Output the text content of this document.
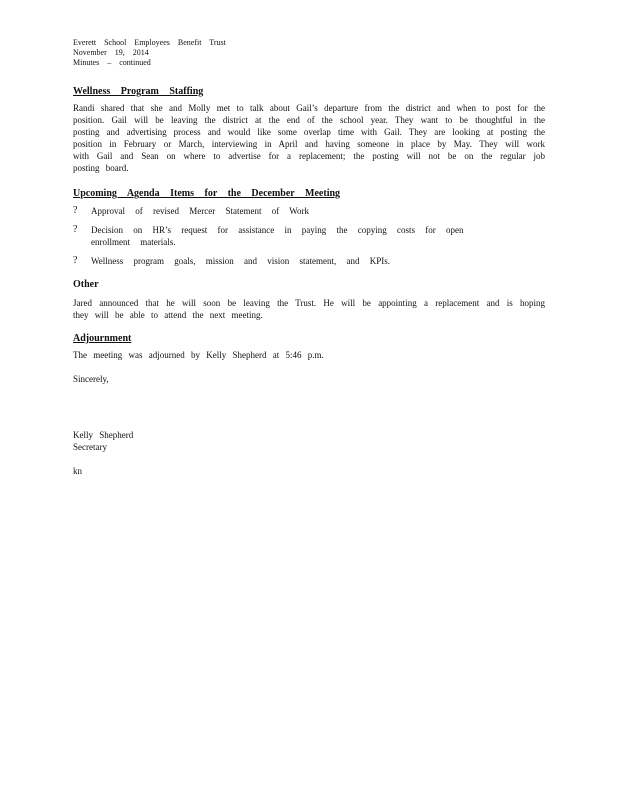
Everett School Employees Benefit Trust
November 19, 2014
Minutes – continued
Wellness Program Staffing

Randi shared that she and Molly met to talk about Gail’s departure from the district and when to post for the position. Gail will be leaving the district at the end of the school year. They want to be thoughtful in the posting and advertising process and would like some overlap time with Gail. They are looking at posting the position in February or March, interviewing in April and having someone in place by May. They will work with Gail and Sean on where to advertise for a replacement; the posting will not be on the regular job posting board.

Upcoming Agenda Items for the December Meeting
? Approval of revised Mercer Statement of Work
? Decision on HR’s request for assistance in paying the copying costs for open enrollment materials.
? Wellness program goals, mission and vision statement, and KPIs.
Other

Jared announced that he will soon be leaving the Trust. He will be appointing a replacement and is hoping they will be able to attend the next meeting.

Adjournment

The meeting was adjourned by Kelly Shepherd at 5:46 p.m.

Sincerely,

Kelly Shepherd

Secretary

kn
